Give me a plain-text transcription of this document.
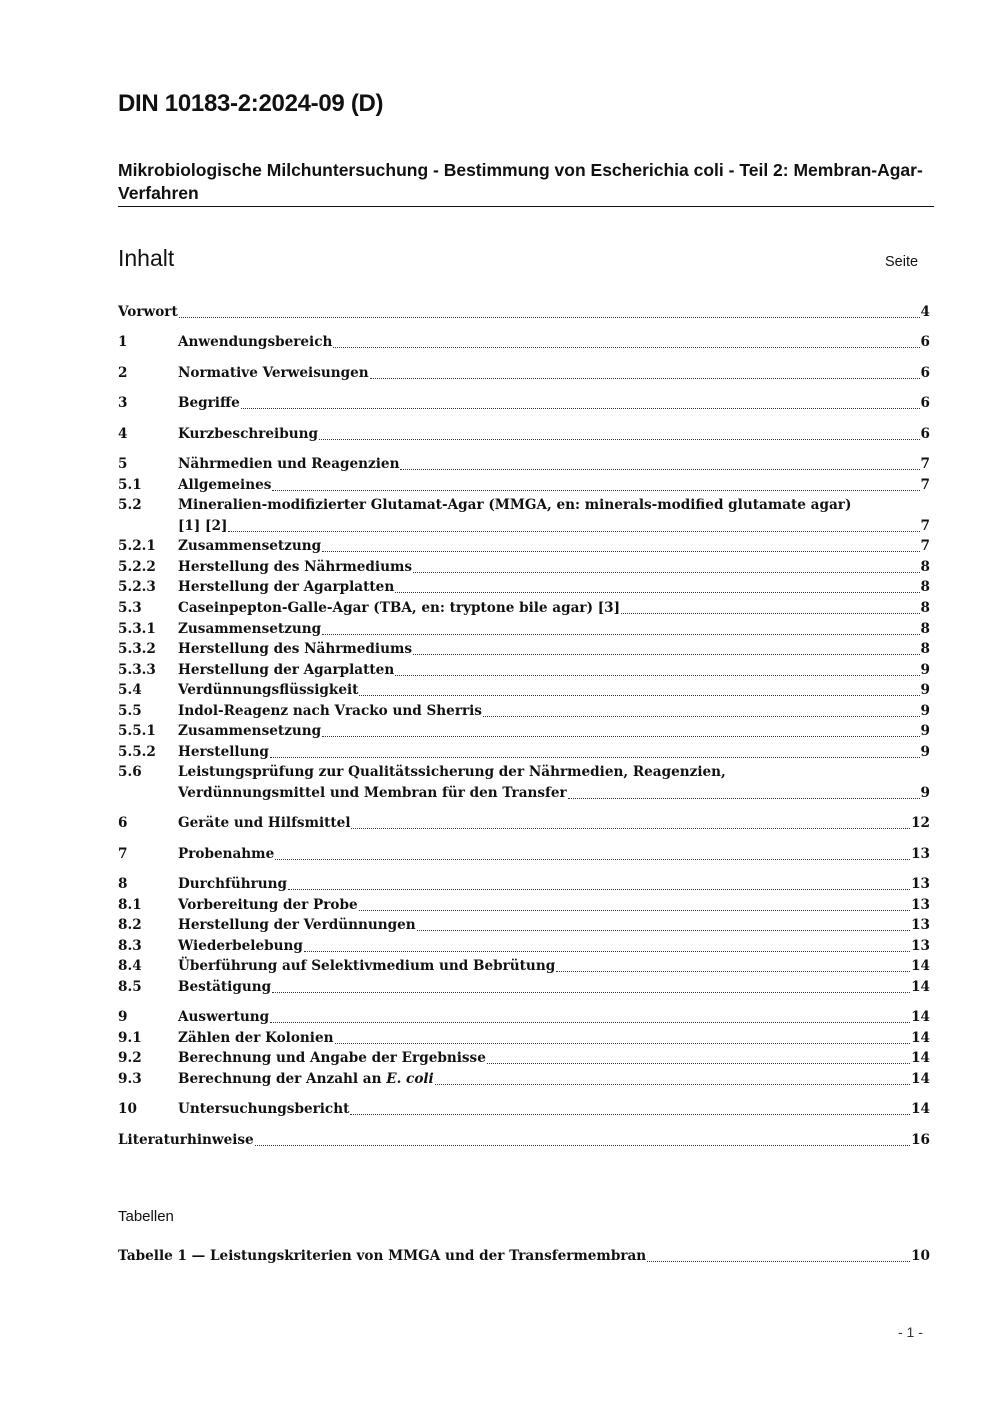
DIN 10183-2:2024-09 (D)
Mikrobiologische Milchuntersuchung - Bestimmung von Escherichia coli - Teil 2: Membran-Agar-Verfahren
Inhalt	Seite
Vorwort	4
1	Anwendungsbereich	6
2	Normative Verweisungen	6
3	Begriffe	6
4	Kurzbeschreibung	6
5	Nährmedien und Reagenzien	7
5.1	Allgemeines	7
5.2	Mineralien-modifizierter Glutamat-Agar (MMGA, en: minerals-modified glutamate agar)
[1] [2]	7
5.2.1	Zusammensetzung	7
5.2.2	Herstellung des Nährmediums	8
5.2.3	Herstellung der Agarplatten	8
5.3	Caseinpepton-Galle-Agar (TBA, en: tryptone bile agar) [3]	8
5.3.1	Zusammensetzung	8
5.3.2	Herstellung des Nährmediums	8
5.3.3	Herstellung der Agarplatten	9
5.4	Verdünnungsflüssigkeit	9
5.5	Indol-Reagenz nach Vracko und Sherris	9
5.5.1	Zusammensetzung	9
5.5.2	Herstellung	9
5.6	Leistungsprüfung zur Qualitätssicherung der Nährmedien, Reagenzien,
Verdünnungsmittel und Membran für den Transfer	9
6	Geräte und Hilfsmittel	12
7	Probenahme	13
8	Durchführung	13
8.1	Vorbereitung der Probe	13
8.2	Herstellung der Verdünnungen	13
8.3	Wiederbelebung	13
8.4	Überführung auf Selektivmedium und Bebrütung	14
8.5	Bestätigung	14
9	Auswertung	14
9.1	Zählen der Kolonien	14
9.2	Berechnung und Angabe der Ergebnisse	14
9.3	Berechnung der Anzahl an
E. coli	14
10	Untersuchungsbericht	14
Literaturhinweise	16
Tabellen
Tabelle 1 — Leistungskriterien von MMGA und der Transfermembran	10
- 1 -
